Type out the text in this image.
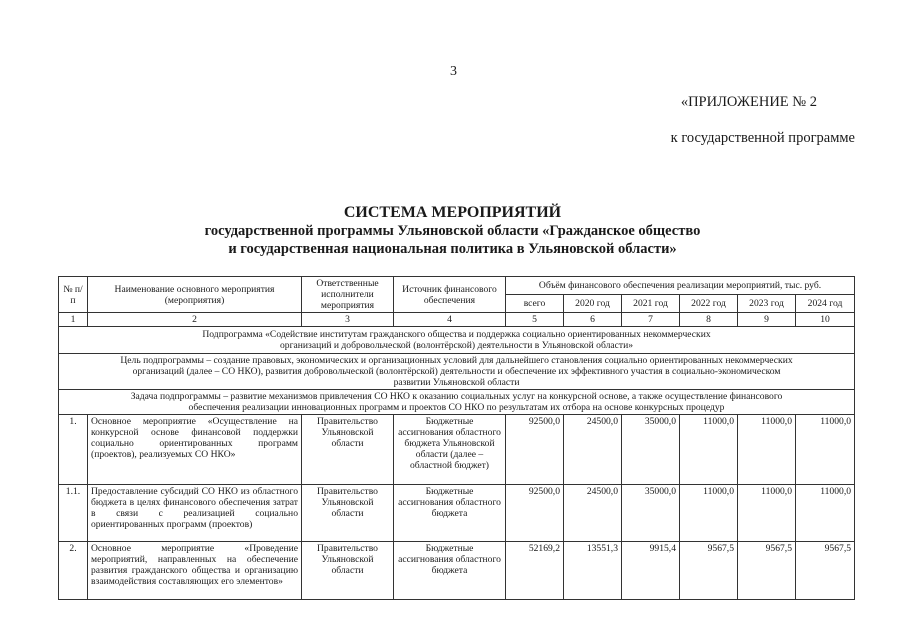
3
«ПРИЛОЖЕНИЕ № 2
к государственной программе
СИСТЕМА МЕРОПРИЯТИЙ
государственной программы Ульяновской области «Гражданское общество
и государственная национальная политика в Ульяновской области»
№ п/п	Наименование основного мероприятия (мероприятия)	Ответственные исполнители мероприятия	Источник финансового обеспечения	Объём финансового обеспечения реализации мероприятий, тыс. руб.					
				всего	2020 год	2021 год	2022 год	2023 год	2024 год
1	2	3	4	5	6	7	8	9	10
Подпрограмма «Содействие институтам гражданского общества и поддержка социально ориентированных некоммерческих организаций и добровольческой (волонтёрской) деятельности в Ульяновской области»									
Цель подпрограммы – создание правовых, экономических и организационных условий для дальнейшего становления социально ориентированных некоммерческих организаций (далее – СО НКО), развития добровольческой (волонтёрской) деятельности и обеспечение их эффективного участия в социально-экономическом развитии Ульяновской области									
Задача подпрограммы – развитие механизмов привлечения СО НКО к оказанию социальных услуг на конкурсной основе, а также осуществление финансового обеспечения реализации инновационных программ и проектов СО НКО по результатам их отбора на основе конкурсных процедур									
1.	Основное мероприятие «Осуществление на конкурсной основе финансовой поддержки социально ориентированных программ (проектов), реализуемых СО НКО»	Правительство Ульяновской области	Бюджетные ассигнования областного бюджета Ульяновской области (далее – областной бюджет)	92500,0	24500,0	35000,0	11000,0	11000,0	11000,0
1.1.	Предоставление субсидий СО НКО из областного бюджета в целях финансового обеспечения затрат в связи с реализацией социально ориентированных программ (проектов)	Правительство Ульяновской области	Бюджетные ассигнования областного бюджета	92500,0	24500,0	35000,0	11000,0	11000,0	11000,0
2.	Основное мероприятие «Проведение мероприятий, направленных на обеспечение развития гражданского общества и организацию взаимодействия составляющих его элементов»	Правительство Ульяновской области	Бюджетные ассигнования областного бюджета	52169,2	13551,3	9915,4	9567,5	9567,5	9567,5
